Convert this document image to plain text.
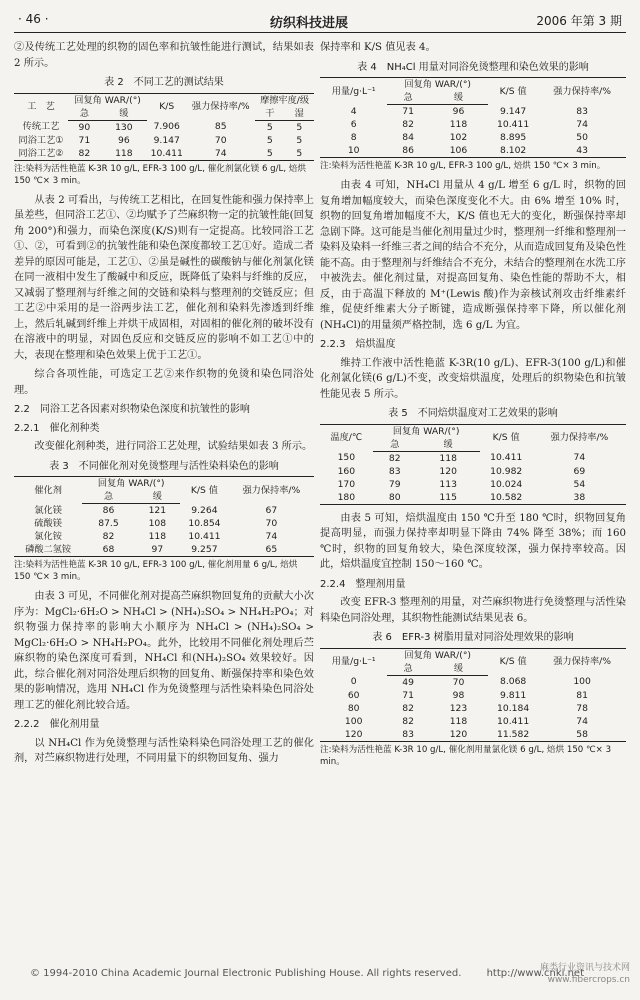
· 46 ·	纺织科技进展	2006 年第 3 期

②及传统工艺处理的织物的固色率和抗皱性能进行测试，结果如表 2 所示。

表 2　不同工艺的测试结果
工　艺	回复角 WAR/(°)		K/S	强力保持率/%	摩擦牢度/级	
	急	缓			干	湿
传统工艺	90	130	7.906	85	5	5
同浴工艺①	71	96	9.147	70	5	5
同浴工艺②	82	118	10.411	74	5	5
注:染料为活性艳蓝 K-3R 10 g/L, EFR-3 100 g/L, 催化剂氯化镁 6 g/L, 焙烘 150 ℃× 3 min。

从表 2 可看出，与传统工艺相比，在回复性能和强力保持率上虽差些，但同浴工艺①、②均赋予了苎麻织物一定的抗皱性能(回复角 200°)和强力，而染色深度(K/S)则有一定提高。比较同浴工艺①、②，可看到②的抗皱性能和染色深度都较工艺①好。造成二者差异的原因可能是，工艺①、②虽是碱性的碳酸钠与催化剂氯化镁在同一液相中发生了酸碱中和反应，既降低了染料与纤维的反应，又减弱了整理剂与纤维之间的交链和染料与整理剂的交链反应；但工艺②中采用的是一浴两步法工艺，催化剂和染料先渗透到纤维上，然后轧碱到纤维上并烘干成固相，对固相的催化剂的破坏没有在溶液中的明显，对固色反应和交链反应的影响不如工艺①中的大，表现在整理和染色效果上优于工艺①。

综合各项性能，可选定工艺②来作织物的免烫和染色同浴处理。

2.2　同浴工艺各因素对织物染色深度和抗皱性的影响
2.2.1　催化剂种类

改变催化剂种类，进行同浴工艺处理，试验结果如表 3 所示。

表 3　不同催化剂对免烫整理与活性染料染色的影响
催化剂	回复角 WAR/(°)		K/S 值	强力保持率/%
	急	缓		
氯化镁	86	121	9.264	67
硫酸镁	87.5	108	10.854	70
氯化铵	82	118	10.411	74
磷酸二氢铵	68	97	9.257	65
注:染料为活性艳蓝 K-3R 10 g/L, EFR-3 100 g/L, 催化剂用量 6 g/L, 焙烘 150 ℃× 3 min。

由表 3 可见，不同催化剂对提高苎麻织物回复角的贡献大小次序为：MgCl₂·6H₂O > NH₄Cl > (NH₄)₂SO₄ > NH₄H₂PO₄；对织物强力保持率的影响大小顺序为 NH₄Cl > (NH₄)₂SO₄ > MgCl₂·6H₂O > NH₄H₂PO₄。此外，比较用不同催化剂处理后苎麻织物的染色深度可看到，NH₄Cl 和(NH₄)₂SO₄ 效果较好。因此，综合催化剂对同浴处理后织物的回复角、断强保持率和染色效果的影响情况，选用 NH₄Cl 作为免烫整理与活性染料染色同浴处理工艺的催化剂比较合适。

2.2.2　催化剂用量

以 NH₄Cl 作为免烫整理与活性染料染色同浴处理工艺的催化剂，对苎麻织物进行处理，不同用量下的织物回复角、强力

保持率和 K/S 值见表 4。

表 4　NH₄Cl 用量对同浴免烫整理和染色效果的影响
用量/g·L⁻¹	回复角 WAR/(°)		K/S 值	强力保持率/%
	急	缓		
4	71	96	9.147	83
6	82	118	10.411	74
8	84	102	8.895	50
10	86	106	8.102	43
注:染料为活性艳蓝 K-3R 10 g/L, EFR-3 100 g/L, 焙烘 150 ℃× 3 min。

由表 4 可知，NH₄Cl 用量从 4 g/L 增至 6 g/L 时，织物的回复角增加幅度较大，而染色深度变化不大。由 6% 增至 10% 时，织物的回复角增加幅度不大，K/S 值也无大的变化，断强保持率却急剧下降。这可能是当催化剂用量过少时，整理剂一纤维和整理剂一染料及染料一纤维三者之间的结合不充分，从而造成回复角及染色性能不高。由于整理剂与纤维结合不充分，未结合的整理剂在水洗工序中被洗去。催化剂过量，对提高回复角、染色性能的帮助不大，相反，由于高温下释放的 M⁺(Lewis 酸)作为亲核试剂攻击纤维素纤维，促使纤维素大分子断键，造成断强保持率下降，所以催化剂(NH₄Cl)的用量须严格控制，选 6 g/L 为宜。

2.2.3　焙烘温度

维持工作液中活性艳蓝 K-3R(10 g/L)、EFR-3(100 g/L)和催化剂氯化镁(6 g/L)不变，改变焙烘温度，处理后的织物染色和抗皱性能见表 5 所示。

表 5　不同焙烘温度对工艺效果的影响
温度/℃	回复角 WAR/(°)		K/S 值	强力保持率/%
	急	缓		
150	82	118	10.411	74
160	83	120	10.982	69
170	79	113	10.024	54
180	80	115	10.582	38

由表 5 可知，焙烘温度由 150 ℃升至 180 ℃时，织物回复角提高明显，而强力保持率却明显下降由 74% 降至 38%；而 160 ℃时，织物的回复角较大，染色深度较深，强力保持率较高。因此，焙烘温度宜控制 150～160 ℃。

2.2.4　整理剂用量

改变 EFR-3 整理剂的用量，对苎麻织物进行免烫整理与活性染料染色同浴处理，其织物性能测试结果见表 6。

表 6　EFR-3 树脂用量对同浴处理效果的影响
用量/g·L⁻¹	回复角 WAR/(°)		K/S 值	强力保持率/%
	急	缓		
0	49	70	8.068	100
60	71	98	9.811	81
80	82	123	10.184	78
100	82	118	10.411	74
120	83	120	11.582	58
注:染料为活性艳蓝 K-3R 10 g/L, 催化剂用量氯化镁 6 g/L, 焙烘 150 ℃× 3 min。
© 1994-2010 China Academic Journal Electronic Publishing House. All rights reserved.	http://www.cnki.net
麻类行业资讯与技术网
www.fibercrops.cn
